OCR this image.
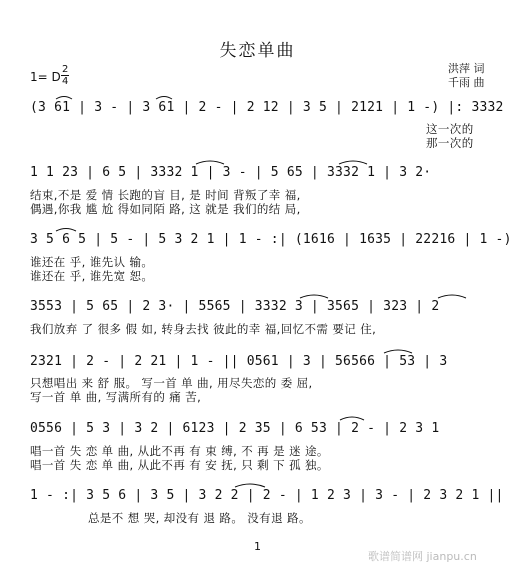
失恋单曲
洪萍 词
千雨 曲
1= D
2
4
(3 61 | 3 - | 3 61 | 2 - | 2 12 | 3 5 | 2121 | 1 -) |: 3332
这一次的
那一次的
1 1 23 | 6 5 | 3332 1 | 3 - | 5 65 | 3332 1 | 3 2·
结束,不是 爱 情 长跑的盲 目, 是 时间 背叛了幸 福,
偶遇,你我 尴 尬 得如同陌 路, 这 就是 我们的结 局,
3 5 6 5 | 5 - | 5 3 2 1 | 1 - :| (1616 | 1635 | 22216 | 1 -)
谁还在 乎, 谁先认 输。
谁还在 乎, 谁先宽 恕。
3553 | 5 65 | 2 3· | 5565 | 3332 3 | 3565 | 323 | 2
我们放弃 了 很多 假 如, 转身去找 彼此的幸 福,回忆不需 要记 住,
2321 | 2 - | 2 21 | 1 - || 0561 | 3 | 56566 | 53 | 3
只想唱出 来 舒 服。 写一首 单 曲, 用尽失恋的 委 屈,
写一首 单 曲, 写满所有的 痛 苦,
0556 | 5 3 | 3 2 | 6123 | 2 35 | 6 53 | 2 - | 2 3 1
唱一首 失 恋 单 曲, 从此不再 有 束 缚, 不 再 是 迷 途。
唱一首 失 恋 单 曲, 从此不再 有 安 抚, 只 剩 下 孤 独。
1 - :| 3 5 6 | 3 5 | 3 2 2 | 2 - | 1 2 3 | 3 - | 2 3 2 1 ||
总是不 想 哭, 却没有 退 路。 没有退 路。
1
歌谱简谱网 jianpu.cn
